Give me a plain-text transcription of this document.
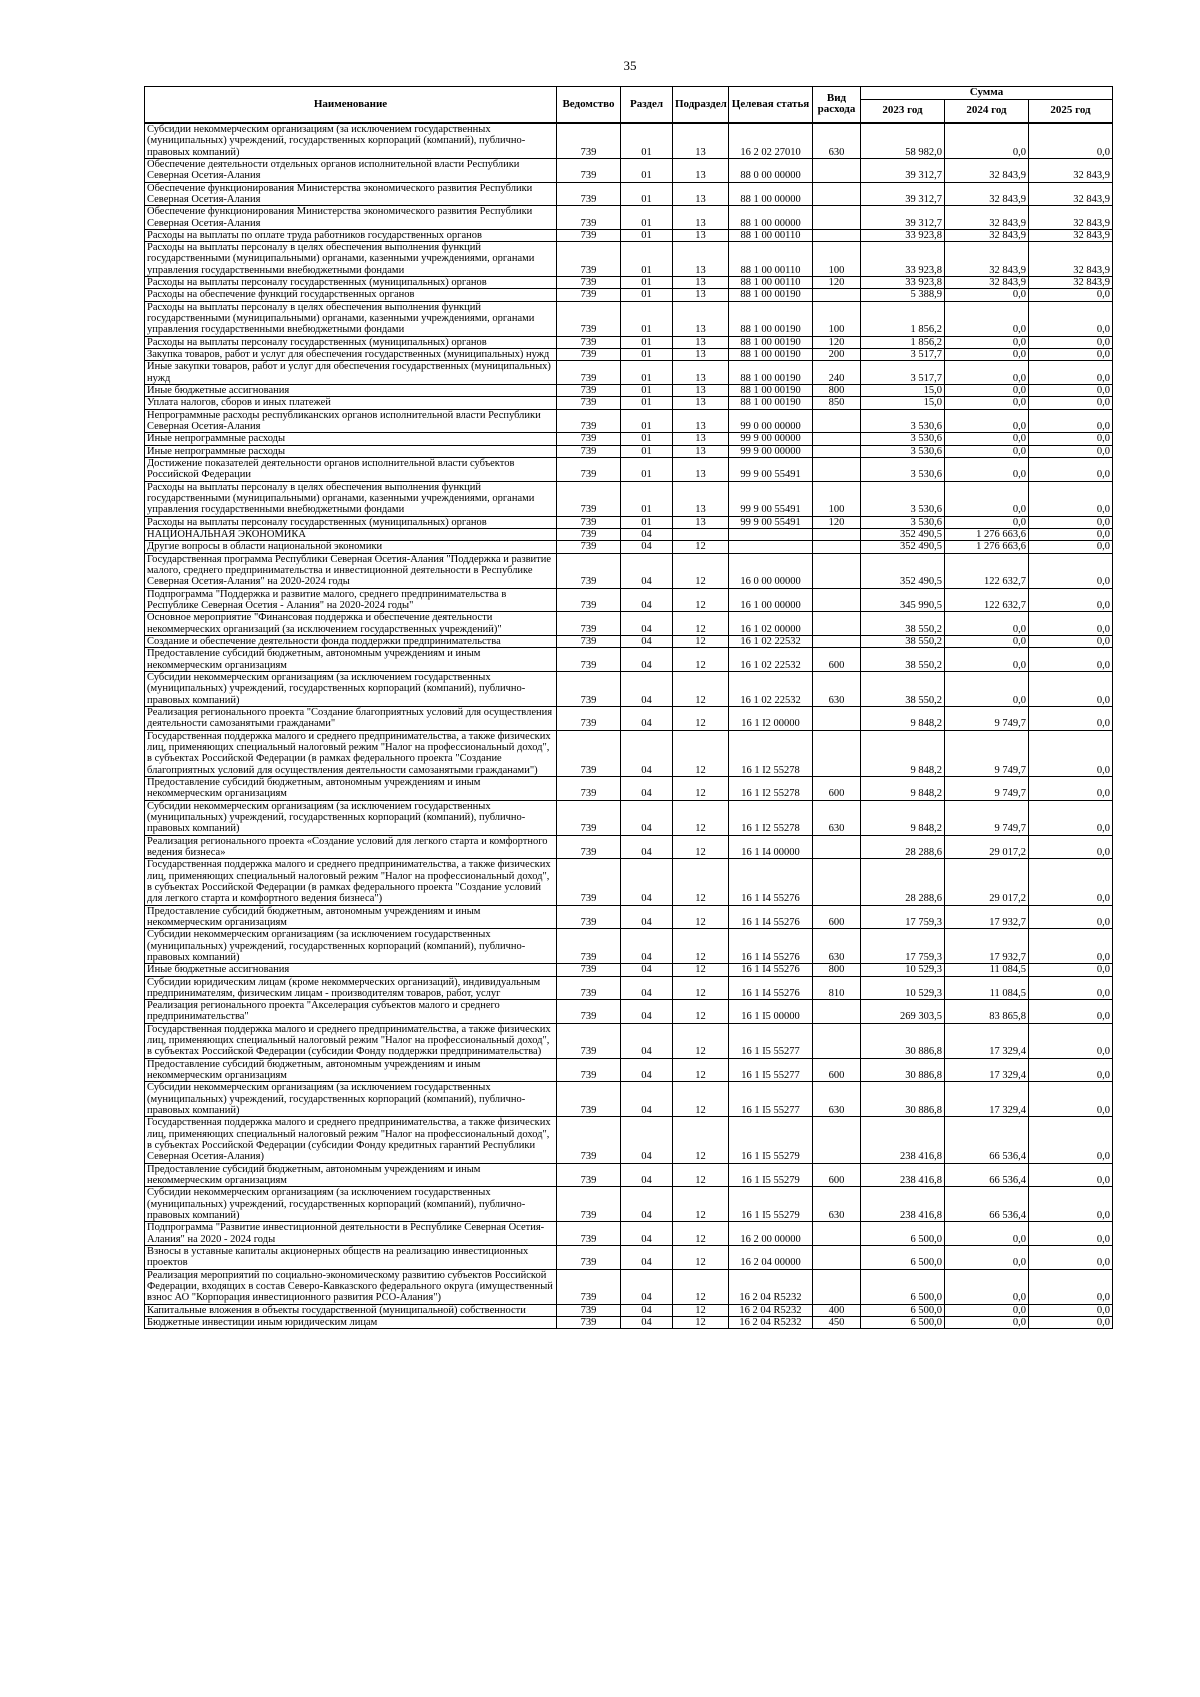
35
Наименование	Ведомство	Раздел	Подраздел	Целевая статья	Вид расхода	Сумма		
						2023 год	2024 год	2025 год
Субсидии некоммерческим организациям (за исключением государственных (муниципальных) учреждений, государственных корпораций (компаний), публично-правовых компаний)	739	01	13	16 2 02 27010	630	58 982,0	0,0	0,0
Обеспечение деятельности отдельных органов исполнительной власти Республики Северная Осетия-Алания	739	01	13	88 0 00 00000		39 312,7	32 843,9	32 843,9
Обеспечение функционирования Министерства экономического развития Республики Северная Осетия-Алания	739	01	13	88 1 00 00000		39 312,7	32 843,9	32 843,9
Обеспечение функционирования Министерства экономического развития Республики Северная Осетия-Алания	739	01	13	88 1 00 00000		39 312,7	32 843,9	32 843,9
Расходы на выплаты по оплате труда работников государственных органов	739	01	13	88 1 00 00110		33 923,8	32 843,9	32 843,9
Расходы на выплаты персоналу в целях обеспечения выполнения функций государственными (муниципальными) органами, казенными учреждениями, органами управления государственными внебюджетными фондами	739	01	13	88 1 00 00110	100	33 923,8	32 843,9	32 843,9
Расходы на выплаты персоналу государственных (муниципальных) органов	739	01	13	88 1 00 00110	120	33 923,8	32 843,9	32 843,9
Расходы на обеспечение функций государственных органов	739	01	13	88 1 00 00190		5 388,9	0,0	0,0
Расходы на выплаты персоналу в целях обеспечения выполнения функций государственными (муниципальными) органами, казенными учреждениями, органами управления государственными внебюджетными фондами	739	01	13	88 1 00 00190	100	1 856,2	0,0	0,0
Расходы на выплаты персоналу государственных (муниципальных) органов	739	01	13	88 1 00 00190	120	1 856,2	0,0	0,0
Закупка товаров, работ и услуг для обеспечения государственных (муниципальных) нужд	739	01	13	88 1 00 00190	200	3 517,7	0,0	0,0
Иные закупки товаров, работ и услуг для обеспечения государственных (муниципальных) нужд	739	01	13	88 1 00 00190	240	3 517,7	0,0	0,0
Иные бюджетные ассигнования	739	01	13	88 1 00 00190	800	15,0	0,0	0,0
Уплата налогов, сборов и иных платежей	739	01	13	88 1 00 00190	850	15,0	0,0	0,0
Непрограммные расходы республиканских органов исполнительной власти Республики Северная Осетия-Алания	739	01	13	99 0 00 00000		3 530,6	0,0	0,0
Иные непрограммные расходы	739	01	13	99 9 00 00000		3 530,6	0,0	0,0
Иные непрограммные расходы	739	01	13	99 9 00 00000		3 530,6	0,0	0,0
Достижение показателей деятельности органов исполнительной власти субъектов Российской Федерации	739	01	13	99 9 00 55491		3 530,6	0,0	0,0
Расходы на выплаты персоналу в целях обеспечения выполнения функций государственными (муниципальными) органами, казенными учреждениями, органами управления государственными внебюджетными фондами	739	01	13	99 9 00 55491	100	3 530,6	0,0	0,0
Расходы на выплаты персоналу государственных (муниципальных) органов	739	01	13	99 9 00 55491	120	3 530,6	0,0	0,0
НАЦИОНАЛЬНАЯ ЭКОНОМИКА	739	04				352 490,5	1 276 663,6	0,0
Другие вопросы в области национальной экономики	739	04	12			352 490,5	1 276 663,6	0,0
Государственная программа Республики Северная Осетия-Алания "Поддержка и развитие малого, среднего предпринимательства и инвестиционной деятельности в Республике Северная Осетия-Алания" на 2020-2024 годы	739	04	12	16 0 00 00000		352 490,5	122 632,7	0,0
Подпрограмма "Поддержка и развитие малого, среднего предпринимательства в Республике Северная Осетия - Алания" на 2020-2024 годы"	739	04	12	16 1 00 00000		345 990,5	122 632,7	0,0
Основное мероприятие "Финансовая поддержка и обеспечение деятельности некоммерческих организаций (за исключением государственных учреждений)"	739	04	12	16 1 02 00000		38 550,2	0,0	0,0
Создание и обеспечение деятельности фонда поддержки предпринимательства	739	04	12	16 1 02 22532		38 550,2	0,0	0,0
Предоставление субсидий бюджетным, автономным учреждениям и иным некоммерческим организациям	739	04	12	16 1 02 22532	600	38 550,2	0,0	0,0
Субсидии некоммерческим организациям (за исключением государственных (муниципальных) учреждений, государственных корпораций (компаний), публично-правовых компаний)	739	04	12	16 1 02 22532	630	38 550,2	0,0	0,0
Реализация регионального проекта "Создание благоприятных условий для осуществления деятельности самозанятыми гражданами"	739	04	12	16 1 I2 00000		9 848,2	9 749,7	0,0
Государственная поддержка малого и среднего предпринимательства, а также физических лиц, применяющих специальный налоговый режим "Налог на профессиональный доход", в субъектах Российской Федерации (в рамках федерального проекта "Создание благоприятных условий для осуществления деятельности самозанятыми гражданами")	739	04	12	16 1 I2 55278		9 848,2	9 749,7	0,0
Предоставление субсидий бюджетным, автономным учреждениям и иным некоммерческим организациям	739	04	12	16 1 I2 55278	600	9 848,2	9 749,7	0,0
Субсидии некоммерческим организациям (за исключением государственных (муниципальных) учреждений, государственных корпораций (компаний), публично-правовых компаний)	739	04	12	16 1 I2 55278	630	9 848,2	9 749,7	0,0
Реализация регионального проекта «Создание условий для легкого старта и комфортного ведения бизнеса»	739	04	12	16 1 I4 00000		28 288,6	29 017,2	0,0
Государственная поддержка малого и среднего предпринимательства, а также физических лиц, применяющих специальный налоговый режим "Налог на профессиональный доход", в субъектах Российской Федерации (в рамках федерального проекта "Создание условий для легкого старта и комфортного ведения бизнеса")	739	04	12	16 1 I4 55276		28 288,6	29 017,2	0,0
Предоставление субсидий бюджетным, автономным учреждениям и иным некоммерческим организациям	739	04	12	16 1 I4 55276	600	17 759,3	17 932,7	0,0
Субсидии некоммерческим организациям (за исключением государственных (муниципальных) учреждений, государственных корпораций (компаний), публично-правовых компаний)	739	04	12	16 1 I4 55276	630	17 759,3	17 932,7	0,0
Иные бюджетные ассигнования	739	04	12	16 1 I4 55276	800	10 529,3	11 084,5	0,0
Субсидии юридическим лицам (кроме некоммерческих организаций), индивидуальным предпринимателям, физическим лицам - производителям товаров, работ, услуг	739	04	12	16 1 I4 55276	810	10 529,3	11 084,5	0,0
Реализация регионального проекта "Акселерация субъектов малого и среднего предпринимательства"	739	04	12	16 1 I5 00000		269 303,5	83 865,8	0,0
Государственная поддержка малого и среднего предпринимательства, а также физических лиц, применяющих специальный налоговый режим "Налог на профессиональный доход", в субъектах Российской Федерации (субсидии Фонду поддержки предпринимательства)	739	04	12	16 1 I5 55277		30 886,8	17 329,4	0,0
Предоставление субсидий бюджетным, автономным учреждениям и иным некоммерческим организациям	739	04	12	16 1 I5 55277	600	30 886,8	17 329,4	0,0
Субсидии некоммерческим организациям (за исключением государственных (муниципальных) учреждений, государственных корпораций (компаний), публично-правовых компаний)	739	04	12	16 1 I5 55277	630	30 886,8	17 329,4	0,0
Государственная поддержка малого и среднего предпринимательства, а также физических лиц, применяющих специальный налоговый режим "Налог на профессиональный доход", в субъектах Российской Федерации (субсидии Фонду кредитных гарантий Республики Северная Осетия-Алания)	739	04	12	16 1 I5 55279		238 416,8	66 536,4	0,0
Предоставление субсидий бюджетным, автономным учреждениям и иным некоммерческим организациям	739	04	12	16 1 I5 55279	600	238 416,8	66 536,4	0,0
Субсидии некоммерческим организациям (за исключением государственных (муниципальных) учреждений, государственных корпораций (компаний), публично-правовых компаний)	739	04	12	16 1 I5 55279	630	238 416,8	66 536,4	0,0
Подпрограмма "Развитие инвестиционной деятельности в Республике Северная Осетия-Алания" на 2020 - 2024 годы	739	04	12	16 2 00 00000		6 500,0	0,0	0,0
Взносы в уставные капиталы акционерных обществ на реализацию инвестиционных проектов	739	04	12	16 2 04 00000		6 500,0	0,0	0,0
Реализация мероприятий по социально-экономическому развитию субъектов Российской Федерации, входящих в состав Северо-Кавказского федерального округа (имущественный взнос АО "Корпорация инвестиционного развития РСО-Алания")	739	04	12	16 2 04 R5232		6 500,0	0,0	0,0
Капитальные вложения в объекты государственной (муниципальной) собственности	739	04	12	16 2 04 R5232	400	6 500,0	0,0	0,0
Бюджетные инвестиции иным юридическим лицам	739	04	12	16 2 04 R5232	450	6 500,0	0,0	0,0
